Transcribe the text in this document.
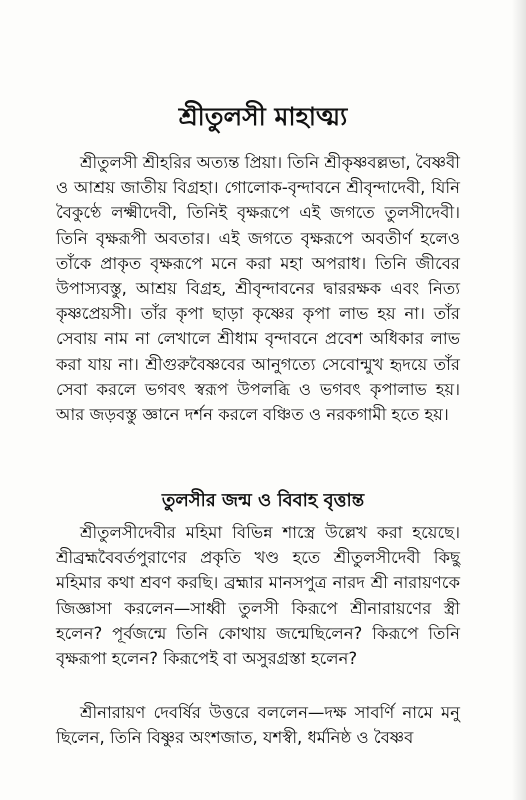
শ্রীতুলসী মাহাত্ম্য

শ্রীতুলসী শ্রীহরির অত্যন্ত প্রিয়া। তিনি শ্রীকৃষ্ণবল্লভা, বৈষ্ণবী ও আশ্রয় জাতীয় বিগ্রহা। গোলোক-বৃন্দাবনে শ্রীবৃন্দাদেবী, যিনি বৈকুণ্ঠে লক্ষ্মীদেবী, তিনিই বৃক্ষরূপে এই জগতে তুলসীদেবী। তিনি বৃক্ষরূপী অবতার। এই জগতে বৃক্ষরূপে অবতীর্ণ হলেও তাঁকে প্রাকৃত বৃক্ষরূপে মনে করা মহা অপরাধ। তিনি জীবের উপাস্যবস্তু, আশ্রয় বিগ্রহ, শ্রীবৃন্দাবনের দ্বাররক্ষক এবং নিত্য কৃষ্ণপ্রেয়সী। তাঁর কৃপা ছাড়া কৃষ্ণের কৃপা লাভ হয় না। তাঁর সেবায় নাম না লেখালে শ্রীধাম বৃন্দাবনে প্রবেশ অধিকার লাভ করা যায় না। শ্রীগুরুবৈষ্ণবের আনুগত্যে সেবোন্মুখ হৃদয়ে তাঁর সেবা করলে ভগবৎ স্বরূপ উপলব্ধি ও ভগবৎ কৃপালাভ হয়। আর জড়বস্তু জ্ঞানে দর্শন করলে বঞ্চিত ও নরকগামী হতে হয়।

তুলসীর জন্ম ও বিবাহ বৃত্তান্ত

শ্রীতুলসীদেবীর মহিমা বিভিন্ন শাস্ত্রে উল্লেখ করা হয়েছে। শ্রীব্রহ্মবৈবর্তপুরাণের প্রকৃতি খণ্ড হতে শ্রীতুলসীদেবী কিছু মহিমার কথা শ্রবণ করছি। ব্রহ্মার মানসপুত্র নারদ শ্রী নারায়ণকে জিজ্ঞাসা করলেন—সাধ্বী তুলসী কিরূপে শ্রীনারায়ণের স্ত্রী হলেন? পূর্বজন্মে তিনি কোথায় জন্মেছিলেন? কিরূপে তিনি বৃক্ষরূপা হলেন? কিরূপেই বা অসুরগ্রস্তা হলেন?

শ্রীনারায়ণ দেবর্ষির উত্তরে বললেন—দক্ষ সাবর্ণি নামে মনু ছিলেন, তিনি বিষ্ণুর অংশজাত, যশস্বী, ধর্মনিষ্ঠ ও বৈষ্ণব
